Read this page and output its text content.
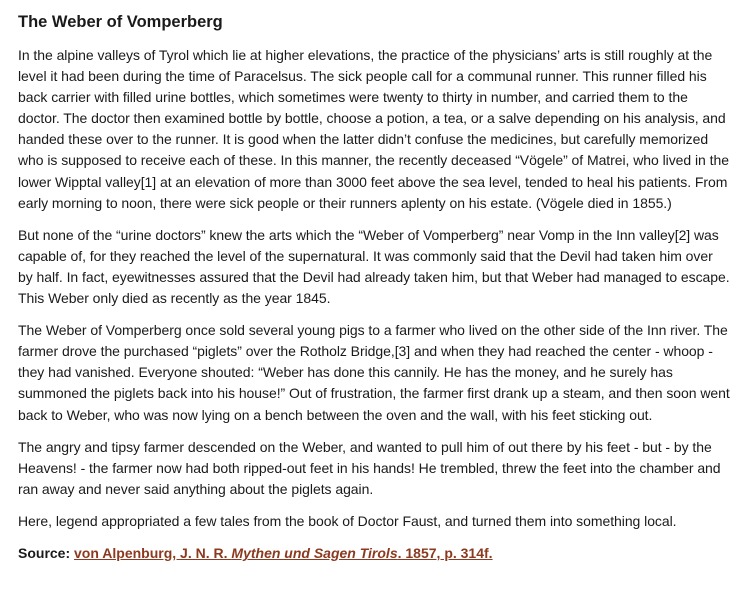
The Weber of Vomperberg

In the alpine valleys of Tyrol which lie at higher elevations, the practice of the physicians’ arts is still roughly at the level it had been during the time of Paracelsus. The sick people call for a communal runner. This runner filled his back carrier with filled urine bottles, which sometimes were twenty to thirty in number, and carried them to the doctor. The doctor then examined bottle by bottle, choose a potion, a tea, or a salve depending on his analysis, and handed these over to the runner. It is good when the latter didn’t confuse the medicines, but carefully memorized who is supposed to receive each of these. In this manner, the recently deceased “Vögele” of Matrei, who lived in the lower Wipptal valley[1] at an elevation of more than 3000 feet above the sea level, tended to heal his patients. From early morning to noon, there were sick people or their runners aplenty on his estate. (Vögele died in 1855.)

But none of the “urine doctors” knew the arts which the “Weber of Vomperberg” near Vomp in the Inn valley[2] was capable of, for they reached the level of the supernatural. It was commonly said that the Devil had taken him over by half. In fact, eyewitnesses assured that the Devil had already taken him, but that Weber had managed to escape. This Weber only died as recently as the year 1845.

The Weber of Vomperberg once sold several young pigs to a farmer who lived on the other side of the Inn river. The farmer drove the purchased “piglets” over the Rotholz Bridge,[3] and when they had reached the center - whoop - they had vanished. Everyone shouted: “Weber has done this cannily. He has the money, and he surely has summoned the piglets back into his house!” Out of frustration, the farmer first drank up a steam, and then soon went back to Weber, who was now lying on a bench between the oven and the wall, with his feet sticking out.

The angry and tipsy farmer descended on the Weber, and wanted to pull him of out there by his feet - but - by the Heavens! - the farmer now had both ripped-out feet in his hands! He trembled, threw the feet into the chamber and ran away and never said anything about the piglets again.

Here, legend appropriated a few tales from the book of Doctor Faust, and turned them into something local.

Source: von Alpenburg, J. N. R. Mythen und Sagen Tirols. 1857, p. 314f.
